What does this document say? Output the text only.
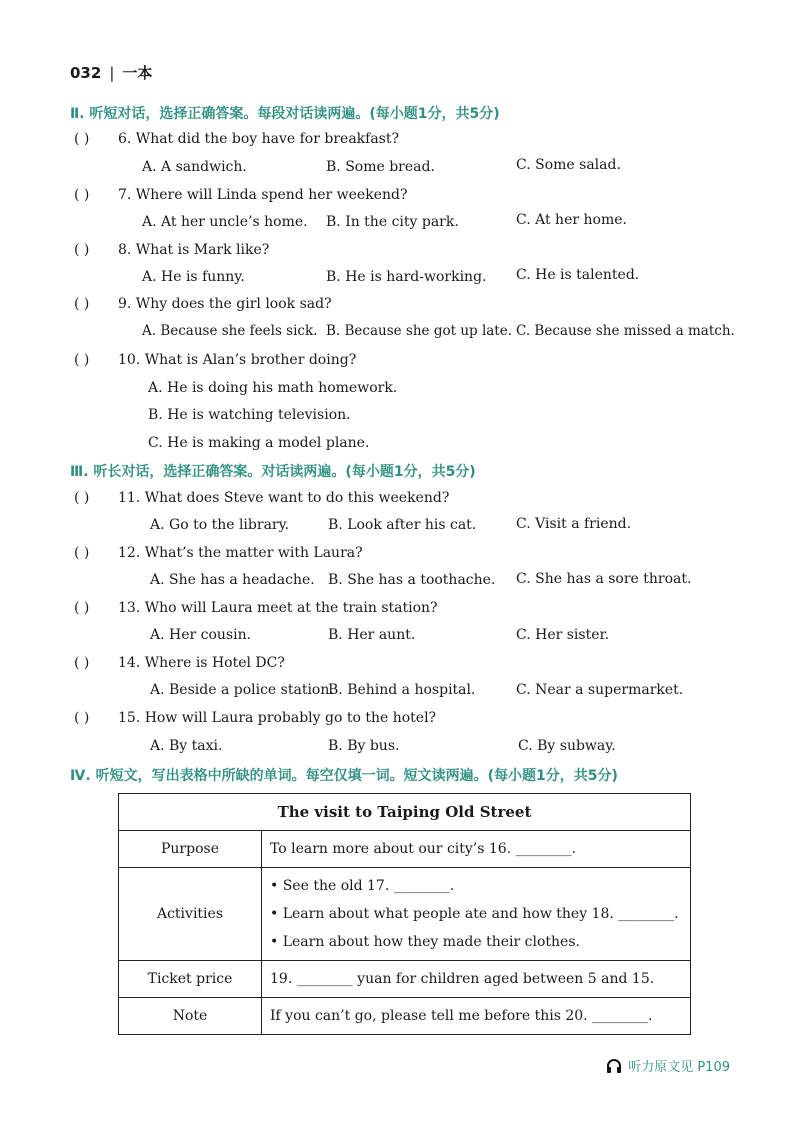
032 | 一本
Ⅱ. 听短对话，选择正确答案。每段对话读两遍。(每小题1分，共5分)
( ) 6. What did the boy have for breakfast?
A. A sandwich.	B. Some bread.	C. Some salad.
( ) 7. Where will Linda spend her weekend?
A. At her uncle’s home. B. In the city park.	C. At her home.
( ) 8. What is Mark like?
A. He is funny.	B. He is hard-working. C. He is talented.
( ) 9. Why does the girl look sad?
A. Because she feels sick. B. Because she got up late. C. Because she missed a match.
( ) 10. What is Alan’s brother doing?
A. He is doing his math homework.
B. He is watching television.
C. He is making a model plane.
Ⅲ. 听长对话，选择正确答案。对话读两遍。(每小题1分，共5分)
( ) 11. What does Steve want to do this weekend?
A. Go to the library.	B. Look after his cat.	C. Visit a friend.
( ) 12. What’s the matter with Laura?
A. She has a headache. B. She has a toothache. C. She has a sore throat.
( ) 13. Who will Laura meet at the train station?
A. Her cousin.	B. Her aunt.	C. Her sister.
( ) 14. Where is Hotel DC?
A. Beside a police station.
B. Behind a hospital.	C. Near a supermarket.
( ) 15. How will Laura probably go to the hotel?
A. By taxi.	B. By bus.	C. By subway.
Ⅳ. 听短文，写出表格中所缺的单词。每空仅填一词。短文读两遍。(每小题1分，共5分)
The visit to Taiping Old Street	
Purpose	To learn more about our city’s 16. ________.
Activities	• See the old 17. ________.
• Learn about what people ate and how they 18. ________.
• Learn about how they made their clothes.

Ticket price	19. ________ yuan for children aged between 5 and 15.
Note	If you can’t go, please tell me before this 20. ________.
听力原文见 P109
